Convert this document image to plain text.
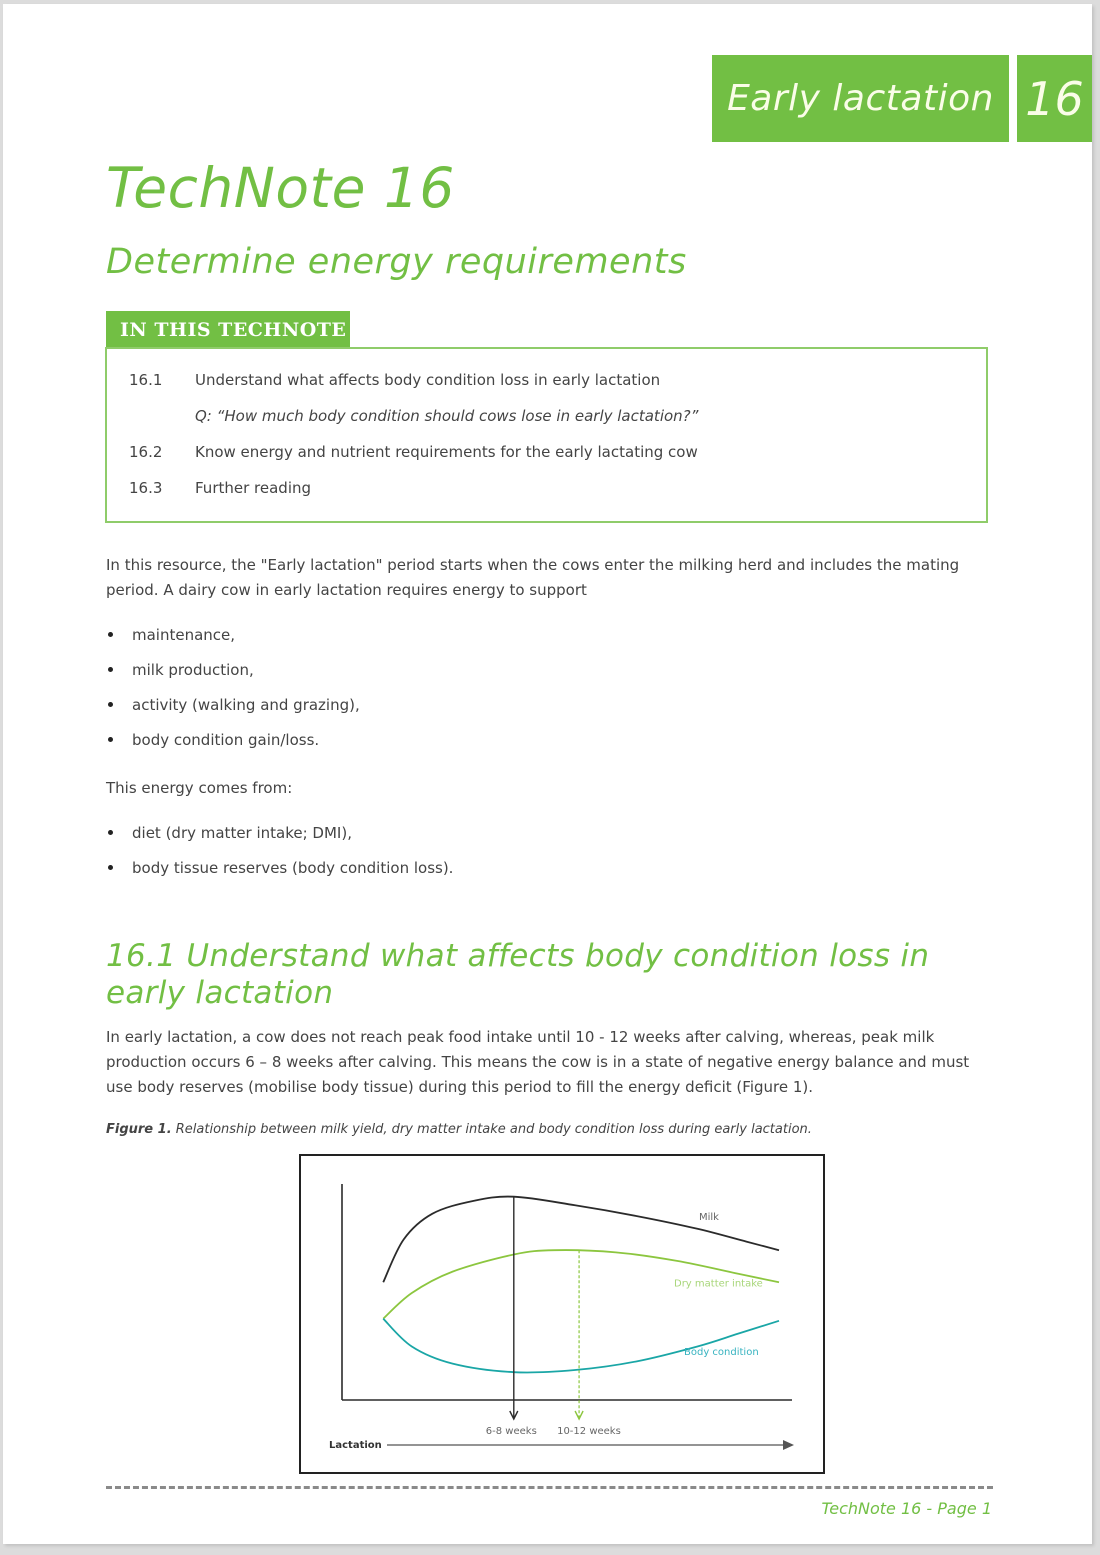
Early lactation 16
TechNote 16
Determine energy requirements
IN THIS TECHNOTE
16.1	Understand what affects body condition loss in early lactation
Q: “How much body condition should cows lose in early lactation?”
16.2	Know energy and nutrient requirements for the early lactating cow
16.3	Further reading

In this resource, the "Early lactation" period starts when the cows enter the milking herd and includes the mating period. A dairy cow in early lactation requires energy to support

maintenance,
milk production,
activity (walking and grazing),
body condition gain/loss.

This energy comes from:

diet (dry matter intake; DMI),
body tissue reserves (body condition loss).
16.1 Understand what affects body condition loss in early lactation

In early lactation, a cow does not reach peak food intake until 10 - 12 weeks after calving, whereas, peak milk production occurs 6 – 8 weeks after calving. This means the cow is in a state of negative energy balance and must use body reserves (mobilise body tissue) during this period to fill the energy deficit (Figure 1).

Figure 1. Relationship between milk yield, dry matter intake and body condition loss during early lactation.

Milk
Dry matter intake
Body condition
6-8 weeks 10-12 weeks
Lactation

TechNote 16 - Page 1
